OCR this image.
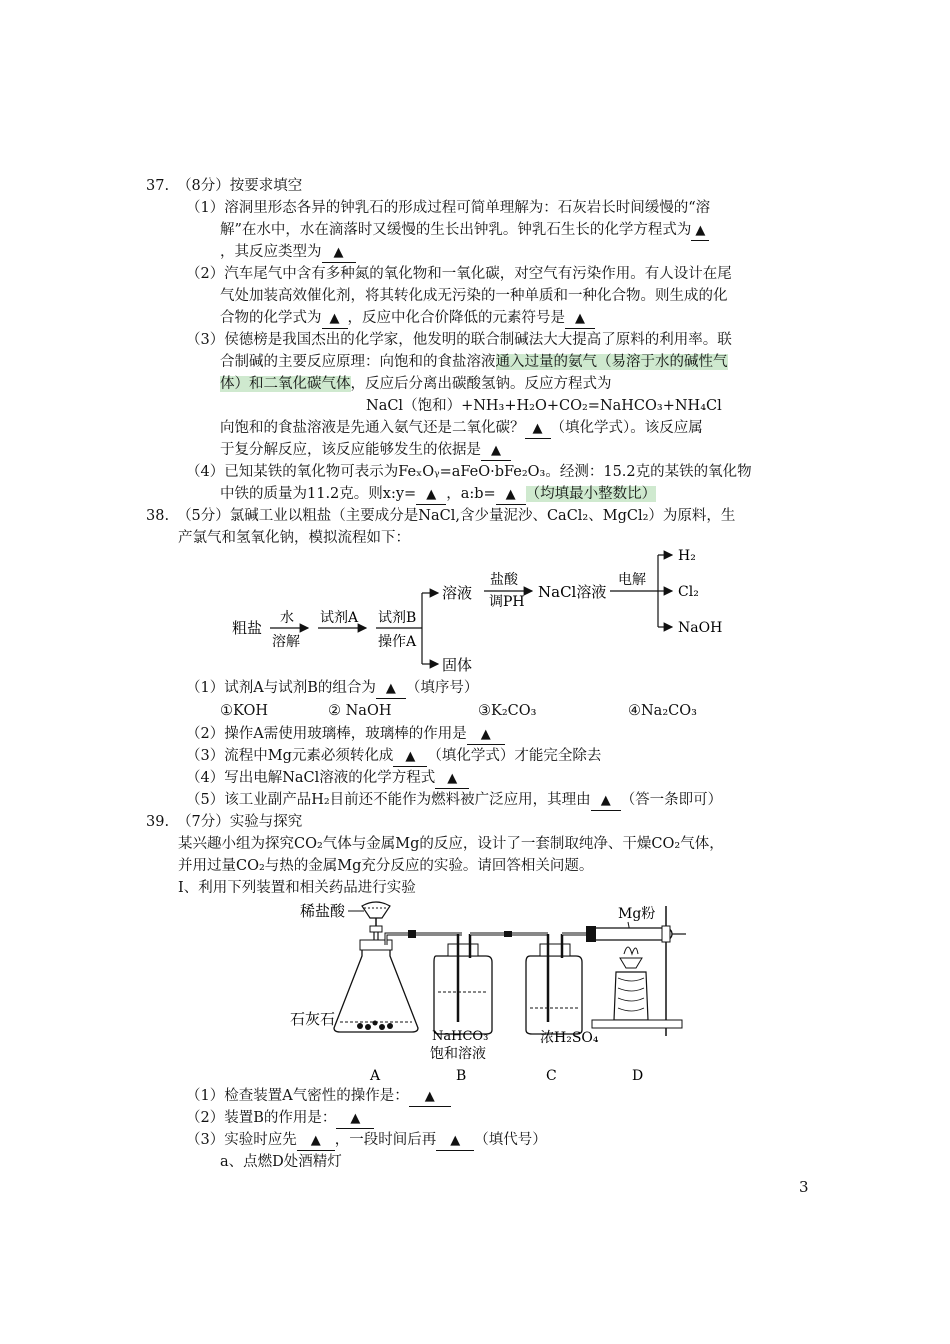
37. （8分）按要求填空
（1）溶洞里形态各异的钟乳石的形成过程可简单理解为：石灰岩长时间缓慢的“溶
解”在水中，水在滴落时又缓慢的生长出钟乳。钟乳石生长的化学方程式为 ▲
，其反应类型为 ▲
（2）汽车尾气中含有多种氮的氧化物和一氧化碳，对空气有污染作用。有人设计在尾
气处加装高效催化剂，将其转化成无污染的一种单质和一种化合物。则生成的化
合物的化学式为 ▲ ，反应中化合价降低的元素符号是 ▲
（3）侯德榜是我国杰出的化学家，他发明的联合制碱法大大提高了原料的利用率。联
合制碱的主要反应原理：向饱和的食盐溶液通入过量的氨气（易溶于水的碱性气
体）和二氧化碳气体，反应后分离出碳酸氢钠。反应方程式为
NaCl（饱和）+NH₃+H₂O+CO₂=NaHCO₃+NH₄Cl
向饱和的食盐溶液是先通入氨气还是二氧化碳？ ▲ （填化学式）。该反应属
于复分解反应，该反应能够发生的依据是 ▲
（4）已知某铁的氧化物可表示为FeₓOᵧ=aFeO·bFe₂O₃。经测：15.2克的某铁的氧化物
中铁的质量为11.2克。则x:y= ▲ ，a:b= ▲ （均填最小整数比）
38. （5分）氯碱工业以粗盐（主要成分是NaCl,含少量泥沙、CaCl₂、MgCl₂）为原料，生
产氯气和氢氧化钠，模拟流程如下：
粗盐
水
溶解
试剂A 试剂B
操作A
溶液
固体
盐酸
调PH
NaCl溶液
电解
H₂
Cl₂
NaOH
（1）试剂A与试剂B的组合为 ▲ （填序号）
①KOH	② NaOH	③K₂CO₃	④Na₂CO₃
（2）操作A需使用玻璃棒，玻璃棒的作用是 ▲
（3）流程中Mg元素必须转化成 ▲ （填化学式）才能完全除去
（4）写出电解NaCl溶液的化学方程式 ▲
（5）该工业副产品H₂目前还不能作为燃料被广泛应用，其理由 ▲ （答一条即可）
39. （7分）实验与探究
某兴趣小组为探究CO₂气体与金属Mg的反应，设计了一套制取纯净、干燥CO₂气体，
并用过量CO₂与热的金属Mg充分反应的实验。请回答相关问题。
Ⅰ、利用下列装置和相关药品进行实验
稀盐酸
石灰石
Mg粉
浓H₂SO₄
NaHCO₃
饱和溶液
A	B	C	D
（1）检查装置A气密性的操作是： ▲
（2）装置B的作用是： ▲
（3）实验时应先 ▲ ，一段时间后再 ▲ （填代号）
a、点燃D处酒精灯
3
